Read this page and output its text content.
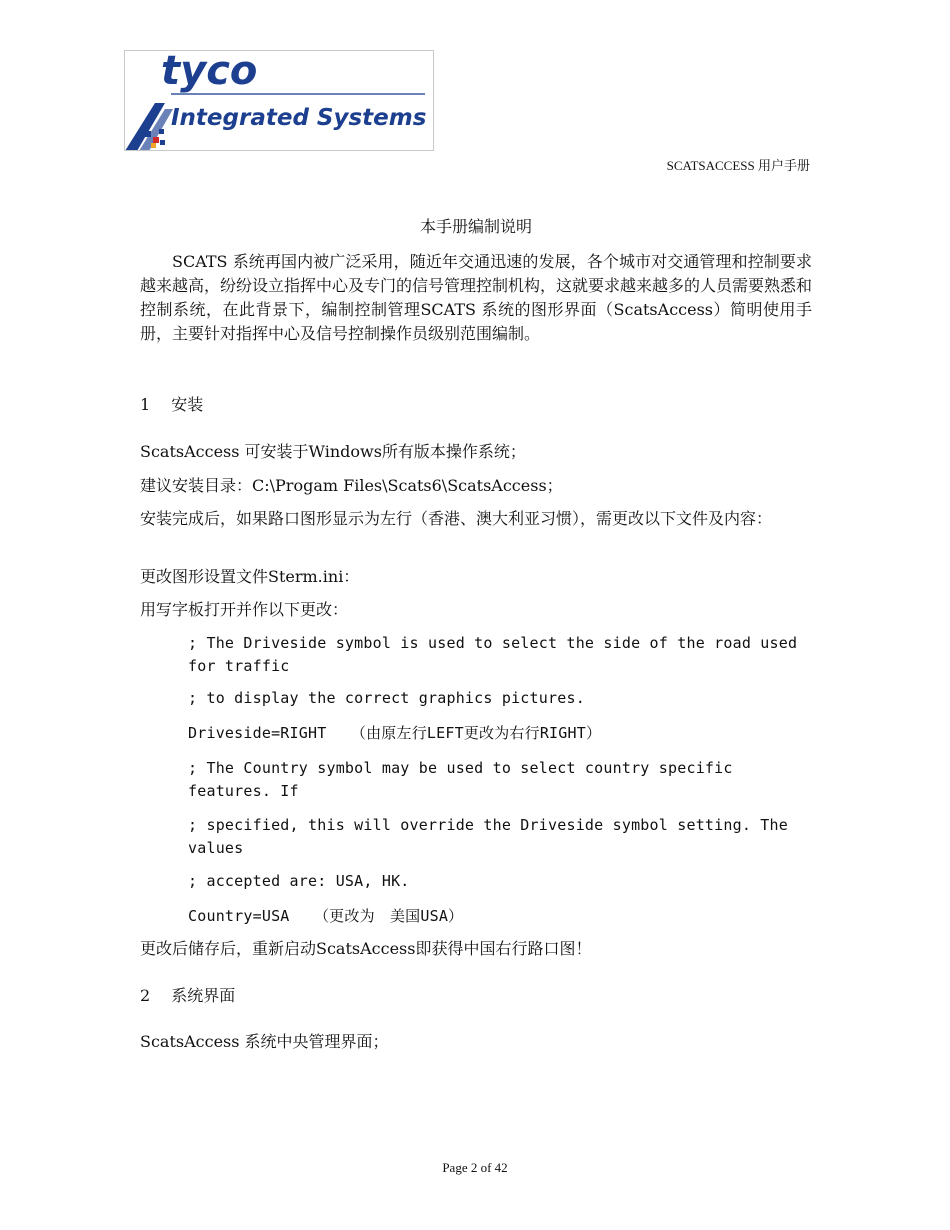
tyco
Integrated Systems
SCATSACCESS 用户手册
本手册编制说明

SCATS 系统再国内被广泛采用，随近年交通迅速的发展，各个城市对交通管理和控制要求越来越高，纷纷设立指挥中心及专门的信号管理控制机构，这就要求越来越多的人员需要熟悉和控制系统，在此背景下，编制控制管理SCATS 系统的图形界面（ScatsAccess）简明使用手册，主要针对指挥中心及信号控制操作员级别范围编制。

1　 安装

ScatsAccess 可安装于Windows所有版本操作系统；

建议安装目录：C:\Progam Files\Scats6\ScatsAccess；

安装完成后，如果路口图形显示为左行（香港、澳大利亚习惯），需更改以下文件及内容：

更改图形设置文件Sterm.ini：

用写字板打开并作以下更改：

; The Driveside symbol is used to select the side of the road used for traffic

; to display the correct graphics pictures.

Driveside=RIGHT　 （由原左行LEFT更改为右行RIGHT）

; The Country symbol may be used to select country specific features. If

; specified, this will override the Driveside symbol setting. The values

; accepted are: USA, HK.

Country=USA　 （更改为　美国USA）

更改后储存后，重新启动ScatsAccess即获得中国右行路口图！

2　 系统界面

ScatsAccess 系统中央管理界面；

Page 2 of 42
